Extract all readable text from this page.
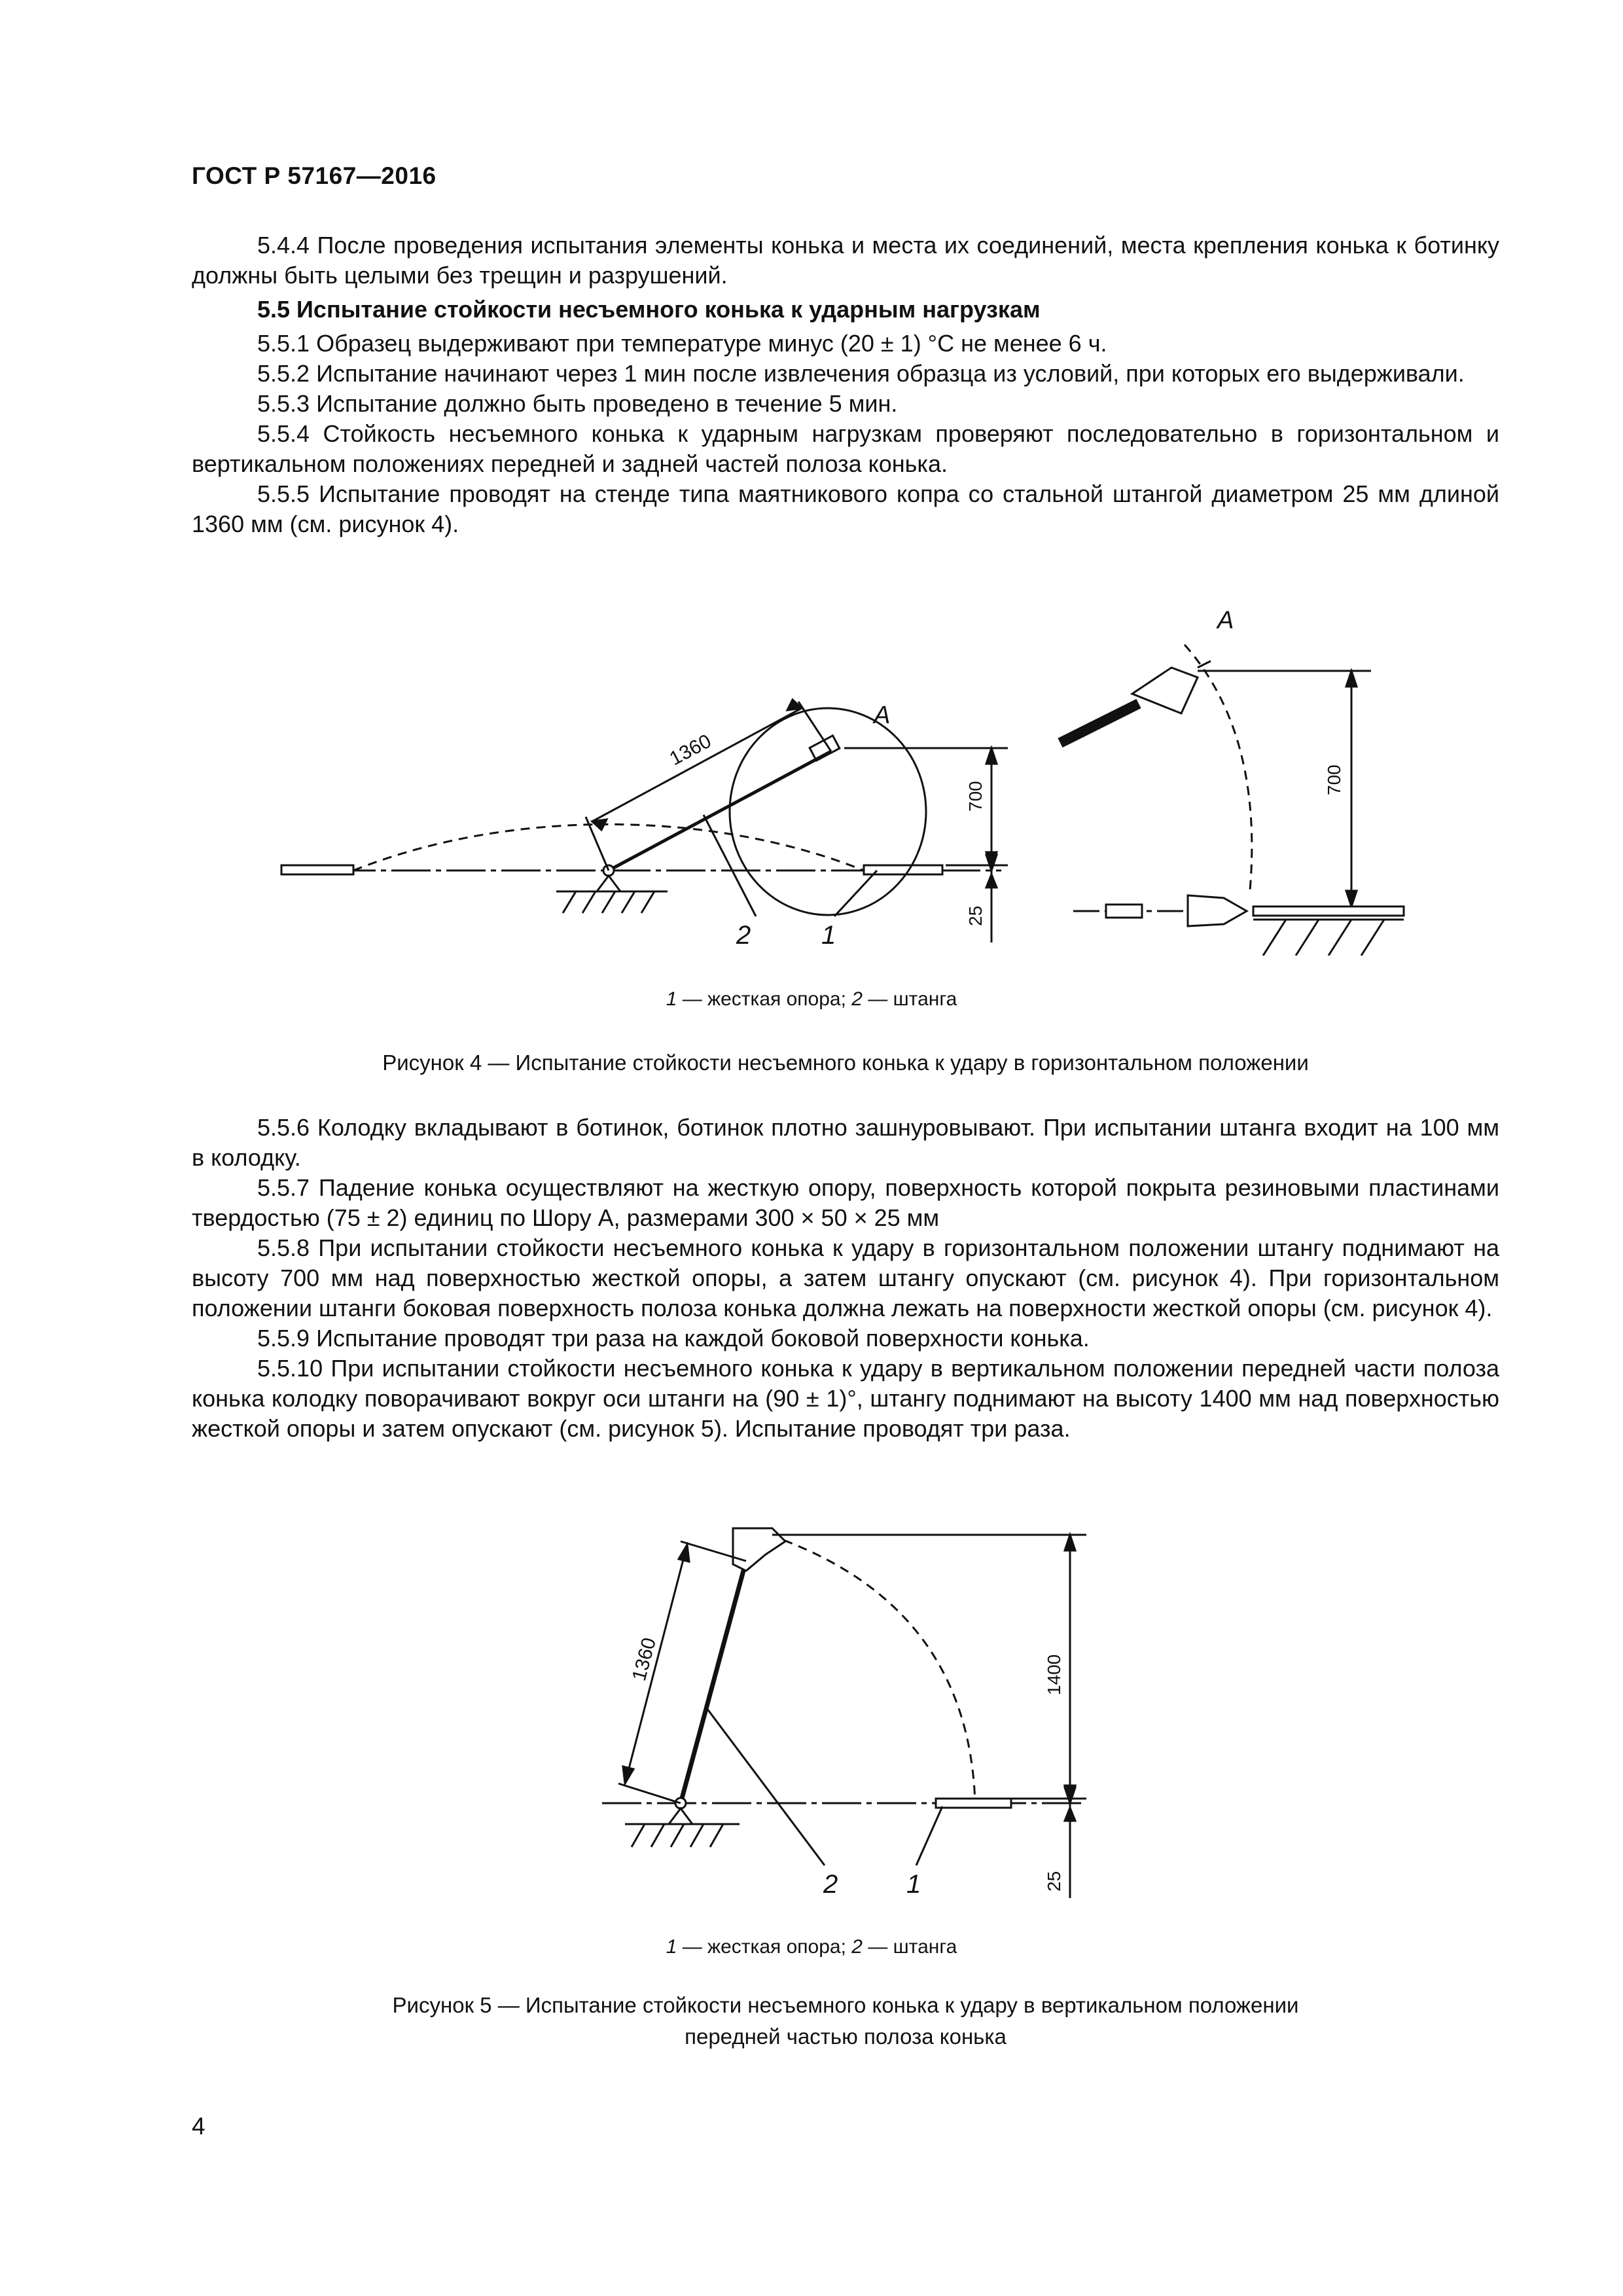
ГОСТ Р 57167—2016

5.4.4 После проведения испытания элементы конька и места их соединений, места крепления конька к ботинку должны быть целыми без трещин и разрушений.

5.5 Испытание стойкости несъемного конька к ударным нагрузкам

5.5.1 Образец выдерживают при температуре минус (20 ± 1) °С не менее 6 ч.

5.5.2 Испытание начинают через 1 мин после извлечения образца из условий, при которых его выдерживали.

5.5.3 Испытание должно быть проведено в течение 5 мин.

5.5.4 Стойкость несъемного конька к ударным нагрузкам проверяют последовательно в горизонтальном и вертикальном положениях передней и задней частей полоза конька.

5.5.5 Испытание проводят на стенде типа маятникового копра со стальной штангой диаметром 25 мм длиной 1360 мм (см. рисунок 4).

1360
700
25
A
A
700
2	1
1 — жесткая опора; 2 — штанга
Рисунок 4 — Испытание стойкости несъемного конька к удару в горизонтальном положении

5.5.6 Колодку вкладывают в ботинок, ботинок плотно зашнуровывают. При испытании штанга входит на 100 мм в колодку.

5.5.7 Падение конька осуществляют на жесткую опору, поверхность которой покрыта резиновыми пластинами твердостью (75 ± 2) единиц по Шору А, размерами 300 × 50 × 25 мм

5.5.8 При испытании стойкости несъемного конька к удару в горизонтальном положении штангу поднимают на высоту 700 мм над поверхностью жесткой опоры, а затем штангу опускают (см. рисунок 4). При горизонтальном положении штанги боковая поверхность полоза конька должна лежать на поверхности жесткой опоры (см. рисунок 4).

5.5.9 Испытание проводят три раза на каждой боковой поверхности конька.

5.5.10 При испытании стойкости несъемного конька к удару в вертикальном положении передней части полоза конька колодку поворачивают вокруг оси штанги на (90 ± 1)°, штангу поднимают на высоту 1400 мм над поверхностью жесткой опоры и затем опускают (см. рисунок 5). Испытание проводят три раза.

1360	1400
25
2	1
1 — жесткая опора; 2 — штанга
Рисунок 5 — Испытание стойкости несъемного конька к удару в вертикальном положении
передней частью полоза конька
4
